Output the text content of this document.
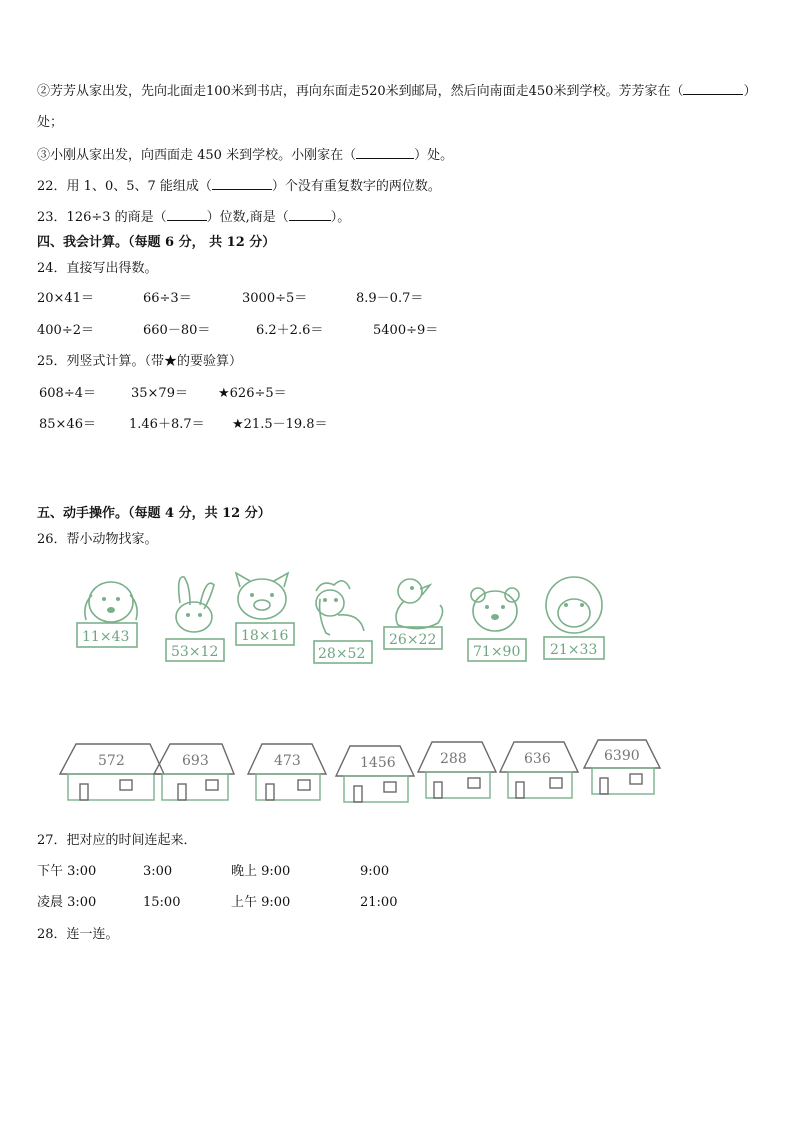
②芳芳从家出发，先向北面走100米到书店，再向东面走520米到邮局，然后向南面走450米到学校。芳芳家在（	）
处；
③小刚从家出发，向西面走 450 米到学校。小刚家在（	）处。
22．用 1、0、5、7 能组成（	）个没有重复数字的两位数。
23．126÷3 的商是（	）位数,商是（	）。
四、我会计算。（每题 6 分， 共 12 分）
24．直接写出得数。
20×41＝	66÷3＝	3000÷5＝	8.9－0.7＝
400÷2＝	660－80＝	6.2＋2.6＝	5400÷9＝
25．列竖式计算。（带★的要验算）
608÷4＝	35×79＝ ★626÷5＝
85×46＝	1.46＋8.7＝ ★21.5－19.8＝
五、动手操作。（每题 4 分，共 12 分）
26．帮小动物找家。
11×43
53×12
18×16
28×52
26×22
71×90 21×33
572	693	473	1456	288	636	6390
27．把对应的时间连起来．
下午 3:00	3:00	晚上 9:00	9:00
凌晨 3:00	15:00	上午 9:00	21:00
28．连一连。
